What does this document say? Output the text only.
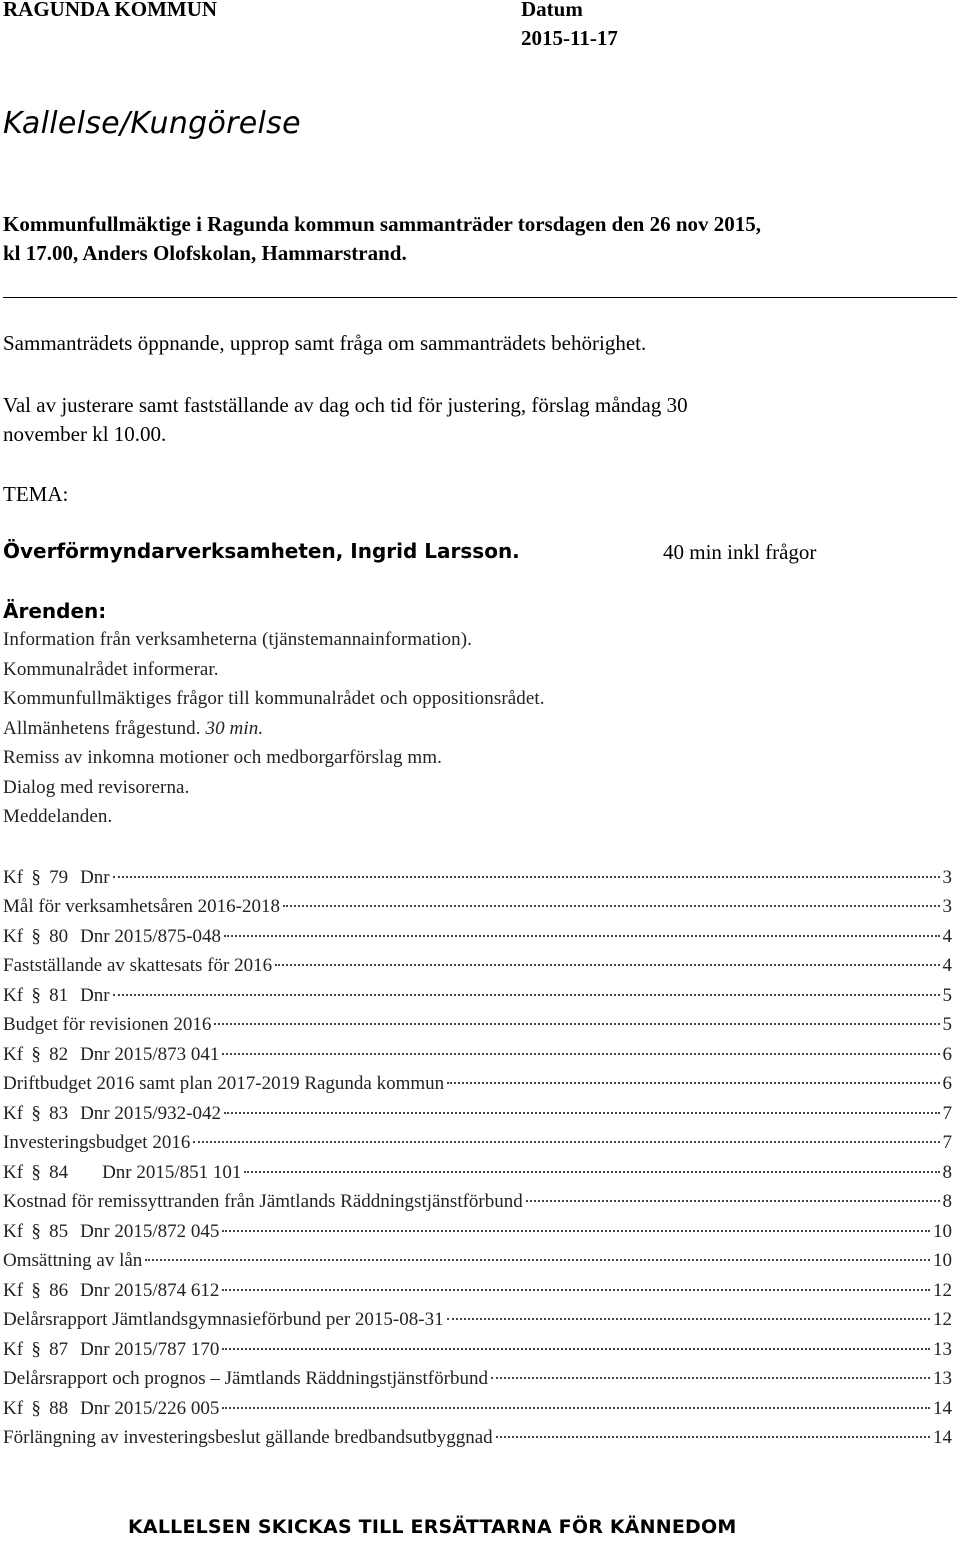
RAGUNDA KOMMUN	Datum
2015-11-17
Kallelse/Kungörelse
Kommunfullmäktige i Ragunda kommun sammanträder torsdagen den 26 nov 2015,
kl 17.00, Anders Olofskolan, Hammarstrand.
Sammanträdets öppnande, upprop samt fråga om sammanträdets behörighet.
Val av justerare samt fastställande av dag och tid för justering, förslag måndag 30
november kl 10.00.
TEMA:
Överförmyndarverksamheten, Ingrid Larsson.	40 min inkl frågor
Ärenden:
Information från verksamheterna (tjänstemannainformation).
Kommunalrådet informerar.
Kommunfullmäktiges frågor till kommunalrådet och oppositionsrådet.
Allmänhetens frågestund. 30 min.
Remiss av inkomna motioner och medborgarförslag mm.
Dialog med revisorerna.
Meddelanden.
Kf § 79 Dnr	3
Mål för verksamhetsåren 2016-2018	3
Kf § 80 Dnr 2015/875-048	4
Fastställande av skattesats för 2016	4
Kf § 81 Dnr	5
Budget för revisionen 2016	5
Kf § 82 Dnr 2015/873 041	6
Driftbudget 2016 samt plan 2017-2019 Ragunda kommun	6
Kf § 83 Dnr 2015/932-042	7
Investeringsbudget 2016	7
Kf § 84 Dnr 2015/851 101	8
Kostnad för remissyttranden från Jämtlands Räddningstjänstförbund	8
Kf § 85 Dnr 2015/872 045	10
Omsättning av lån	10
Kf § 86 Dnr 2015/874 612	12
Delårsrapport Jämtlandsgymnasieförbund per 2015-08-31	12
Kf § 87 Dnr 2015/787 170	13
Delårsrapport och prognos – Jämtlands Räddningstjänstförbund	13
Kf § 88 Dnr 2015/226 005	14
Förlängning av investeringsbeslut gällande bredbandsutbyggnad	14
KALLELSEN SKICKAS TILL ERSÄTTARNA FÖR KÄNNEDOM
